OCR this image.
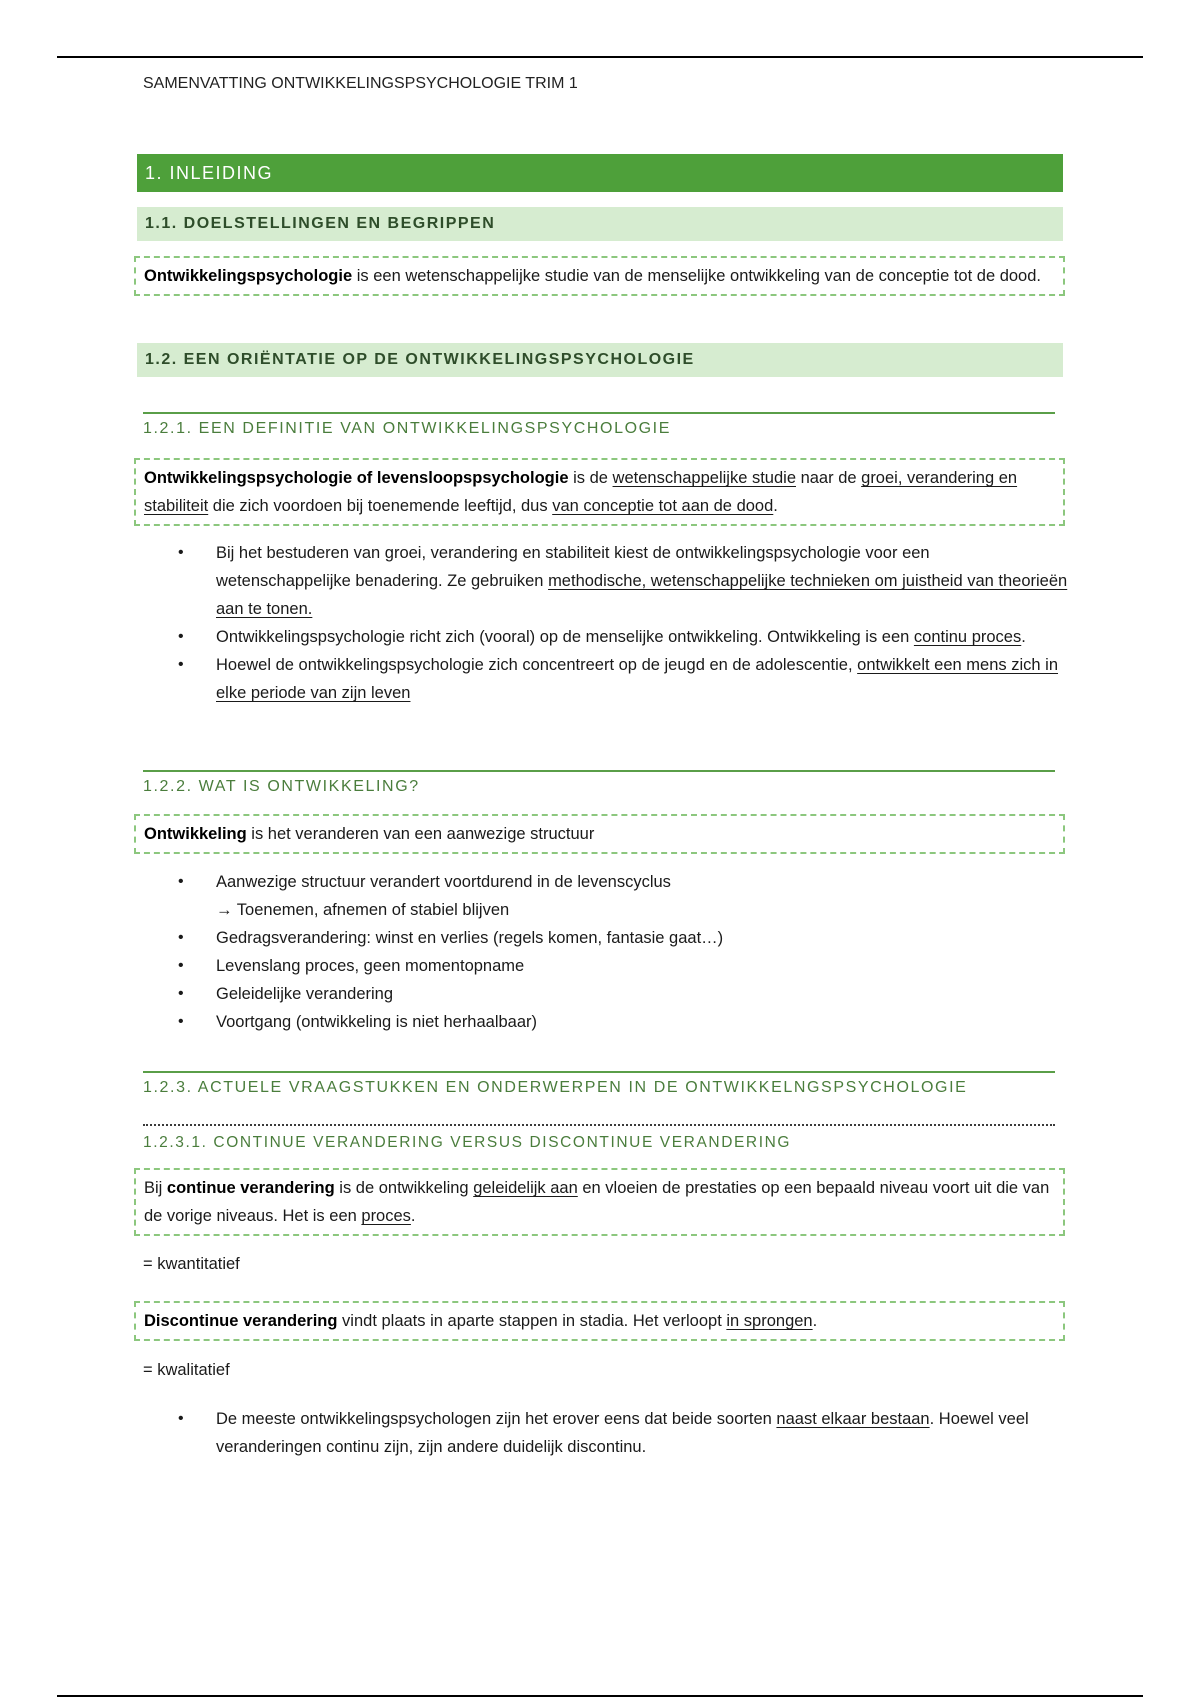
SAMENVATTING ONTWIKKELINGSPSYCHOLOGIE TRIM 1
1. INLEIDING
1.1. DOELSTELLINGEN EN BEGRIPPEN
Ontwikkelingspsychologie is een wetenschappelijke studie van de menselijke ontwikkeling van de conceptie tot de dood.
1.2. EEN ORIËNTATIE OP DE ONTWIKKELINGSPSYCHOLOGIE
1.2.1. EEN DEFINITIE VAN ONTWIKKELINGSPSYCHOLOGIE
Ontwikkelingspsychologie of levensloopspsychologie is de wetenschappelijke studie naar de groei, verandering en stabiliteit die zich voordoen bij toenemende leeftijd, dus van conceptie tot aan de dood.
•	Bij het bestuderen van groei, verandering en stabiliteit kiest de ontwikkelingspsychologie voor een wetenschappelijke benadering. Ze gebruiken methodische, wetenschappelijke technieken om juistheid van theorieën aan te tonen.
•	Ontwikkelingspsychologie richt zich (vooral) op de menselijke ontwikkeling. Ontwikkeling is een continu proces.
•	Hoewel de ontwikkelingspsychologie zich concentreert op de jeugd en de adolescentie, ontwikkelt een mens zich in elke periode van zijn leven
1.2.2. WAT IS ONTWIKKELING?
Ontwikkeling is het veranderen van een aanwezige structuur
•	Aanwezige structuur verandert voortdurend in de levenscyclus
→ Toenemen, afnemen of stabiel blijven
•	Gedragsverandering: winst en verlies (regels komen, fantasie gaat…)
•	Levenslang proces, geen momentopname
•	Geleidelijke verandering
•	Voortgang (ontwikkeling is niet herhaalbaar)
1.2.3. ACTUELE VRAAGSTUKKEN EN ONDERWERPEN IN DE ONTWIKKELNGSPSYCHOLOGIE
1.2.3.1. CONTINUE VERANDERING VERSUS DISCONTINUE VERANDERING
Bij continue verandering is de ontwikkeling geleidelijk aan en vloeien de prestaties op een bepaald niveau voort uit die van de vorige niveaus. Het is een proces.
= kwantitatief
Discontinue verandering vindt plaats in aparte stappen in stadia. Het verloopt in sprongen.
= kwalitatief
•	De meeste ontwikkelingspsychologen zijn het erover eens dat beide soorten naast elkaar bestaan. Hoewel veel veranderingen continu zijn, zijn andere duidelijk discontinu.
